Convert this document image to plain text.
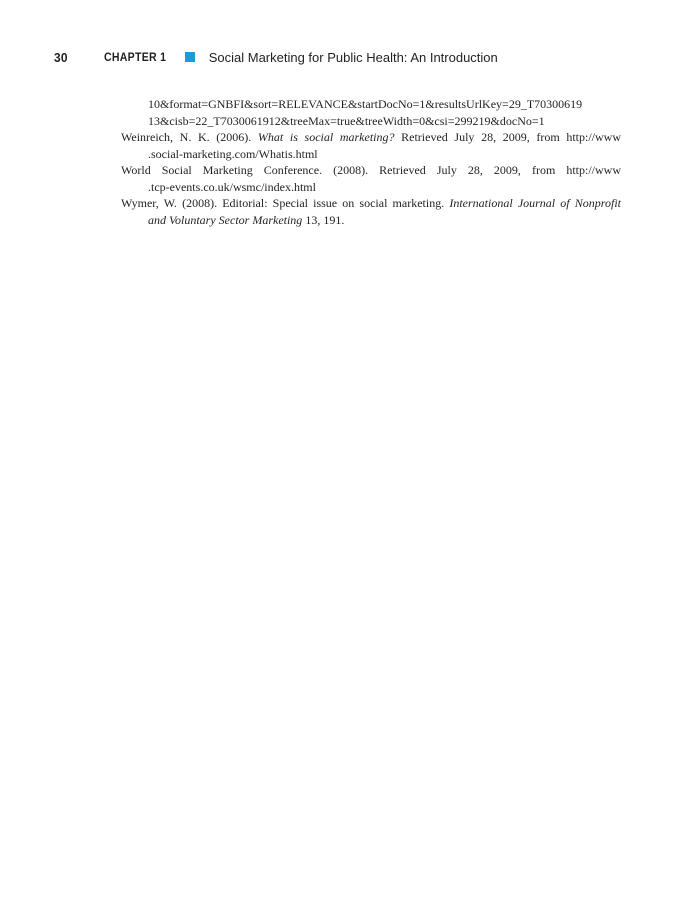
30	CHAPTER 1	Social Marketing for Public Health: An Introduction
10&format=GNBFI&sort=RELEVANCE&startDocNo=1&resultsUrlKey=29_T70300619
13&cisb=22_T7030061912&treeMax=true&treeWidth=0&csi=299219&docNo=1
Weinreich, N. K. (2006). What is social marketing? Retrieved July 28, 2009, from http://www
.social-marketing.com/Whatis.html
World Social Marketing Conference. (2008). Retrieved July 28, 2009, from http://www
.tcp-events.co.uk/wsmc/index.html
Wymer, W. (2008). Editorial: Special issue on social marketing. International Journal of Nonprofit
and Voluntary Sector Marketing 13, 191.
